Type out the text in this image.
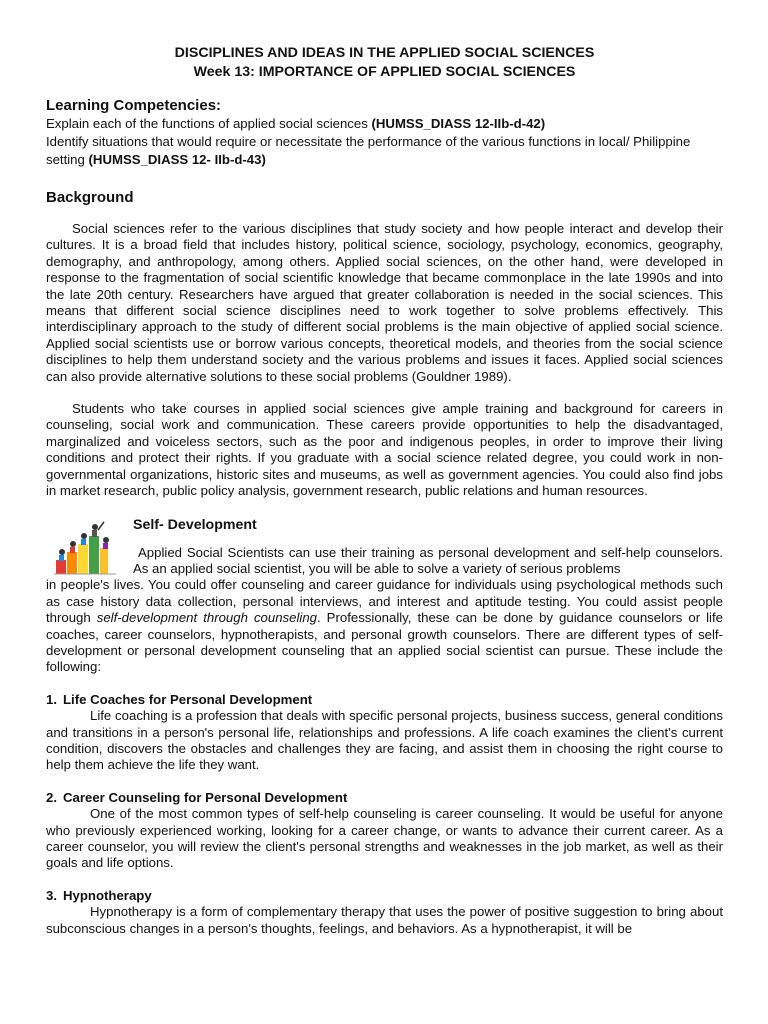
DISCIPLINES AND IDEAS IN THE APPLIED SOCIAL SCIENCES
Week 13: IMPORTANCE OF APPLIED SOCIAL SCIENCES
Learning Competencies:
Explain each of the functions of applied social sciences (HUMSS_DIASS 12-IIb-d-42)
Identify situations that would require or necessitate the performance of the various functions in local/ Philippine setting (HUMSS_DIASS 12- IIb-d-43)
Background

Social sciences refer to the various disciplines that study society and how people interact and develop their cultures. It is a broad field that includes history, political science, sociology, psychology, economics, geography, demography, and anthropology, among others. Applied social sciences, on the other hand, were developed in response to the fragmentation of social scientific knowledge that became commonplace in the late 1990s and into the late 20th century. Researchers have argued that greater collaboration is needed in the social sciences. This means that different social science disciplines need to work together to solve problems effectively. This interdisciplinary approach to the study of different social problems is the main objective of applied social science. Applied social scientists use or borrow various concepts, theoretical models, and theories from the social science disciplines to help them understand society and the various problems and issues it faces. Applied social sciences can also provide alternative solutions to these social problems (Gouldner 1989).

Students who take courses in applied social sciences give ample training and background for careers in counseling, social work and communication. These careers provide opportunities to help the disadvantaged, marginalized and voiceless sectors, such as the poor and indigenous peoples, in order to improve their living conditions and protect their rights. If you graduate with a social science related degree, you could work in non-governmental organizations, historic sites and museums, as well as government agencies. You could also find jobs in market research, public policy analysis, government research, public relations and human resources.

Self- Development

Applied Social Scientists can use their training as personal development and self-help counselors. As an applied social scientist, you will be able to solve a variety of serious problems

in people's lives. You could offer counseling and career guidance for individuals using psychological methods such as case history data collection, personal interviews, and interest and aptitude testing. You could assist people through self-development through counseling. Professionally, these can be done by guidance counselors or life coaches, career counselors, hypnotherapists, and personal growth counselors. There are different types of self-development or personal development counseling that an applied social scientist can pursue. These include the following:

1. Life Coaches for Personal Development

Life coaching is a profession that deals with specific personal projects, business success, general conditions and transitions in a person's personal life, relationships and professions. A life coach examines the client's current condition, discovers the obstacles and challenges they are facing, and assist them in choosing the right course to help them achieve the life they want.

2. Career Counseling for Personal Development

One of the most common types of self-help counseling is career counseling. It would be useful for anyone who previously experienced working, looking for a career change, or wants to advance their current career. As a career counselor, you will review the client's personal strengths and weaknesses in the job market, as well as their goals and life options.

3. Hypnotherapy

Hypnotherapy is a form of complementary therapy that uses the power of positive suggestion to bring about subconscious changes in a person's thoughts, feelings, and behaviors. As a hypnotherapist, it will be
